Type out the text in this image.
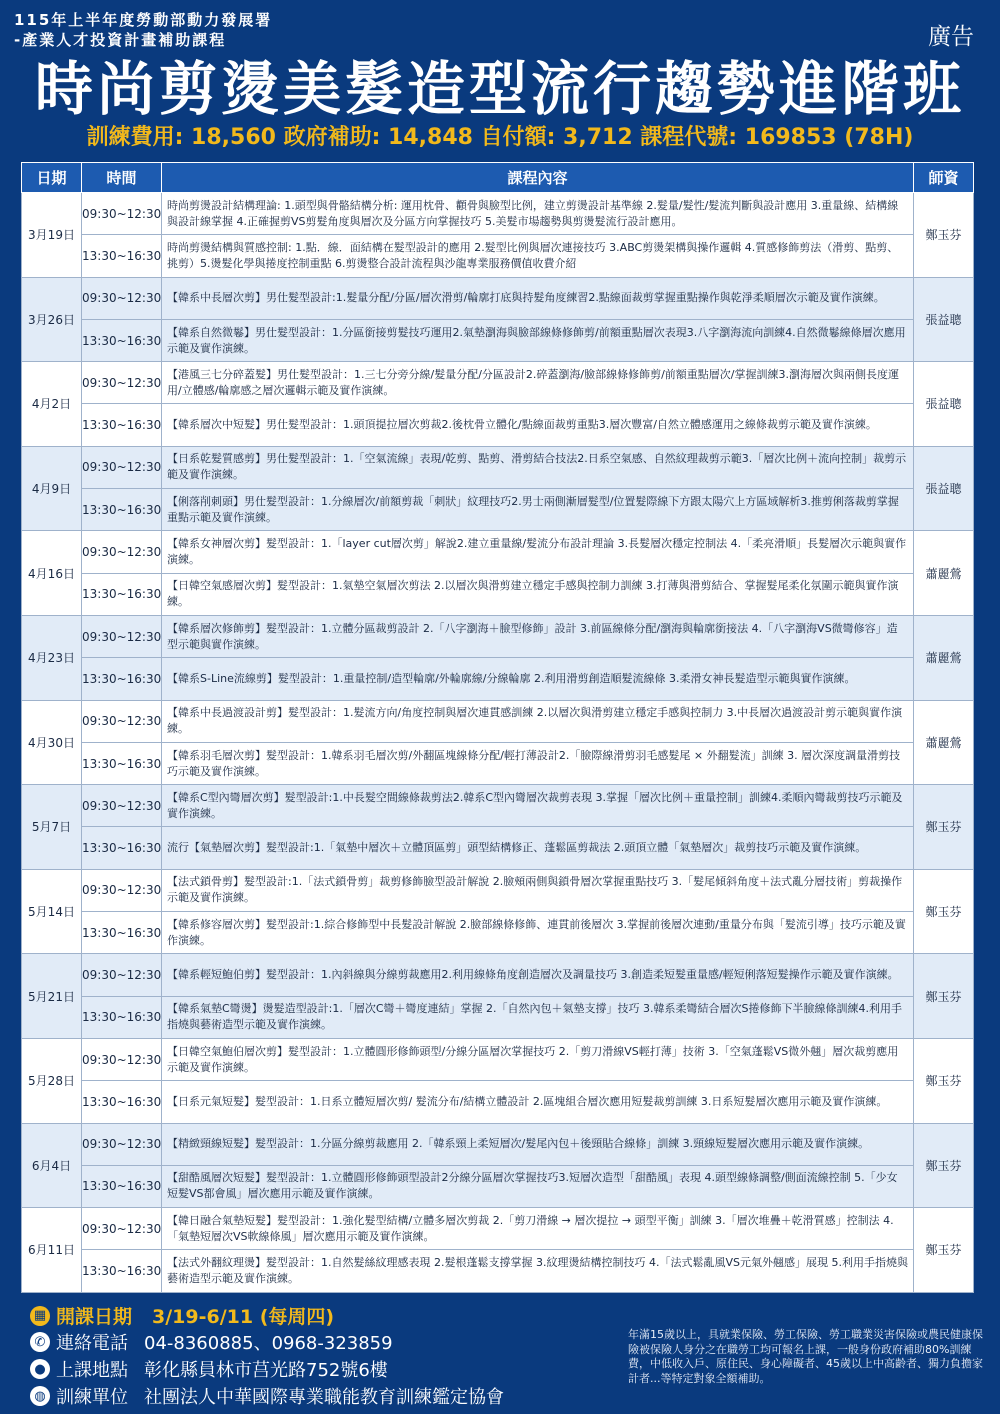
115年上半年度勞動部動力發展署
-產業人才投資計畫補助課程	廣告
時尚剪燙美髮造型流行趨勢進階班
訓練費用: 18,560 政府補助: 14,848 自付額: 3,712 課程代號: 169853 (78H)
日期	時間	課程內容	師資
3月19日	09:30~12:30	時尚剪燙設計結構理論: 1.頭型與骨骼結構分析: 運用枕骨、顴骨與臉型比例，建立剪燙設計基準線 2.髮量/髮性/髮流判斷與設計應用 3.重量線、結構線與設計線掌握 4.正確握剪VS剪髮角度與層次及分區方向掌握技巧 5.美髮市場趨勢與剪燙髮流行設計應用。	鄭玉芬
	13:30~16:30	時尚剪燙結構與質感控制: 1.點．線．面結構在髮型設計的應用 2.髮型比例與層次連接技巧 3.ABC剪燙架構與操作邏輯 4.質感修飾剪法（滑剪、點剪、挑剪）5.燙髮化學與捲度控制重點 6.剪燙整合設計流程與沙龍專業服務價值收費介紹	
3月26日	09:30~12:30	【韓系中長層次剪】男仕髮型設計:1.髮量分配/分區/層次滑剪/輪廓打底與持髮角度練習2.點線面裁剪掌握重點操作與乾淨柔順層次示範及實作演練。	張益聰
	13:30~16:30	【韓系自然微鬈】男仕髮型設計：1.分區銜接剪髮技巧運用2.氣墊瀏海與臉部線條修飾剪/前額重點層次表現3.八字瀏海流向訓練4.自然微鬈線條層次應用示範及實作演練。	
4月2日	09:30~12:30	【港風三七分碎蓋髮】男仕髮型設計：1.三七分旁分線/髮量分配/分區設計2.碎蓋瀏海/臉部線條修飾剪/前額重點層次/掌握訓練3.瀏海層次與兩側長度運用/立體感/輪廓感之層次邏輯示範及實作演練。	張益聰
	13:30~16:30	【韓系層次中短髮】男仕髮型設計：1.頭頂提拉層次剪裁2.後枕骨立體化/點線面裁剪重點3.層次豐富/自然立體感運用之線條裁剪示範及實作演練。	
4月9日	09:30~12:30	【日系乾髮質感剪】男仕髮型設計：1.「空氣流線」表現/乾剪、點剪、滑剪結合技法2.日系空氣感、自然紋理裁剪示範3.「層次比例＋流向控制」裁剪示範及實作演練。	張益聰
	13:30~16:30	【俐落削刺頭】男仕髮型設計：1.分線層次/前額剪裁「刺狀」紋理技巧2.男士兩側漸層髮型/位置髮際線下方跟太陽穴上方區域解析3.推剪俐落裁剪掌握重點示範及實作演練。	
4月16日	09:30~12:30	【韓系女神層次剪】髮型設計：1.「layer cut層次剪」解說2.建立重量線/髮流分布設計理論 3.長髮層次穩定控制法 4.「柔亮滑順」長髮層次示範與實作演練。	蕭麗鶯
	13:30~16:30	【日韓空氣感層次剪】髮型設計：1.氣墊空氣層次剪法 2.以層次與滑剪建立穩定手感與控制力訓練 3.打薄與滑剪結合、掌握髮尾柔化氛圍示範與實作演練。	
4月23日	09:30~12:30	【韓系層次修飾剪】髮型設計：1.立體分區裁剪設計 2.「八字瀏海＋臉型修飾」設計 3.前區線條分配/瀏海與輪廓銜接法 4.「八字瀏海VS微彎修容」造型示範與實作演練。	蕭麗鶯
	13:30~16:30	【韓系S-Line流線剪】髮型設計：1.重量控制/造型輪廓/外輪廓線/分線輪廓 2.利用滑剪創造順髮流線條 3.柔滑女神長髮造型示範與實作演練。	
4月30日	09:30~12:30	【韓系中長過渡設計剪】髮型設計：1.髮流方向/角度控制與層次連貫感訓練 2.以層次與滑剪建立穩定手感與控制力 3.中長層次過渡設計剪示範與實作演練。	蕭麗鶯
	13:30~16:30	【韓系羽毛層次剪】髮型設計：1.韓系羽毛層次剪/外翻區塊線條分配/輕打薄設計2.「臉際線滑剪羽毛感髮尾 × 外翻髮流」訓練 3. 層次深度調量滑剪技巧示範及實作演練。	
5月7日	09:30~12:30	【韓系C型內彎層次剪】髮型設計:1.中長髮空間線條裁剪法2.韓系C型內彎層次裁剪表現 3.掌握「層次比例＋重量控制」訓練4.柔順內彎裁剪技巧示範及實作演練。	鄭玉芬
	13:30~16:30	流行【氣墊層次剪】髮型設計:1.「氣墊中層次＋立體頂區剪」頭型結構修正、蓬鬆區剪裁法 2.頭頂立體「氣墊層次」裁剪技巧示範及實作演練。	
5月14日	09:30~12:30	【法式鎖骨剪】髮型設計:1.「法式鎖骨剪」裁剪修飾臉型設計解說 2.臉頰兩側與鎖骨層次掌握重點技巧 3.「髮尾傾斜角度＋法式亂分層技術」剪裁操作示範及實作演練。	鄭玉芬
	13:30~16:30	【韓系修容層次剪】髮型設計:1.綜合修飾型中長髮設計解說 2.臉部線條修飾、連貫前後層次 3.掌握前後層次連動/重量分布與「髮流引導」技巧示範及實作演練。	
5月21日	09:30~12:30	【韓系輕短鮑伯剪】髮型設計：1.內斜線與分線剪裁應用2.利用線條角度創造層次及調量技巧 3.創造柔短髮重量感/輕短俐落短髮操作示範及實作演練。	鄭玉芬
	13:30~16:30	【韓系氣墊C彎燙】燙髮造型設計:1.「層次C彎＋彎度連結」掌握 2.「自然內包＋氣墊支撐」技巧 3.韓系柔彎結合層次S捲修飾下半臉線條訓練4.利用手指燒與藝術造型示範及實作演練。	
5月28日	09:30~12:30	【日韓空氣鮑伯層次剪】髮型設計：1.立體圓形修飾頭型/分線分區層次掌握技巧 2.「剪刀滑線VS輕打薄」技術 3.「空氣蓬鬆VS微外翹」層次裁剪應用示範及實作演練。	鄭玉芬
	13:30~16:30	【日系元氣短髮】髮型設計：1.日系立體短層次剪/ 髮流分布/結構立體設計 2.區塊組合層次應用短髮裁剪訓練 3.日系短髮層次應用示範及實作演練。	
6月4日	09:30~12:30	【精緻頸線短髮】髮型設計：1.分區分線剪裁應用 2.「韓系頸上柔短層次/髮尾內包＋後頸貼合線條」訓練 3.頸線短髮層次應用示範及實作演練。	鄭玉芬
	13:30~16:30	【甜酷風層次短髮】髮型設計：1.立體圓形修飾頭型設計2分線分區層次掌握技巧3.短層次造型「甜酷風」表現 4.頭型線條調整/側面流線控制 5.「少女短髮VS都會風」層次應用示範及實作演練。	
6月11日	09:30~12:30	【韓日融合氣墊短髮】髮型設計：1.強化髮型結構/立體多層次剪裁 2.「剪刀滑線 → 層次提拉 → 頭型平衡」訓練 3.「層次堆疊＋乾滑質感」控制法 4.「氣墊短層次VS軟線條風」層次應用示範及實作演練。	鄭玉芬
	13:30~16:30	【法式外翻紋理燙】髮型設計：1.自然髮絲紋理感表現 2.髮根蓬鬆支撐掌握 3.紋理燙結構控制技巧 4.「法式鬆亂風VS元氣外翹感」展現 5.利用手指燒與藝術造型示範及實作演練。	
▦ 開課日期 3/19-6/11 (每周四)
✆ 連絡電話 04-8360885、0968-323859
● 上課地點 彰化縣員林市莒光路752號6樓
◍ 訓練單位 社團法人中華國際專業職能教育訓練鑑定協會
年滿15歲以上，具就業保險、勞工保險、勞工職業災害保險或農民健康保險被保險人身分之在職勞工均可報名上課，一般身份政府補助80%訓練費，中低收入戶、原住民、身心障礙者、45歲以上中高齡者、獨力負擔家計者...等特定對象全額補助。
